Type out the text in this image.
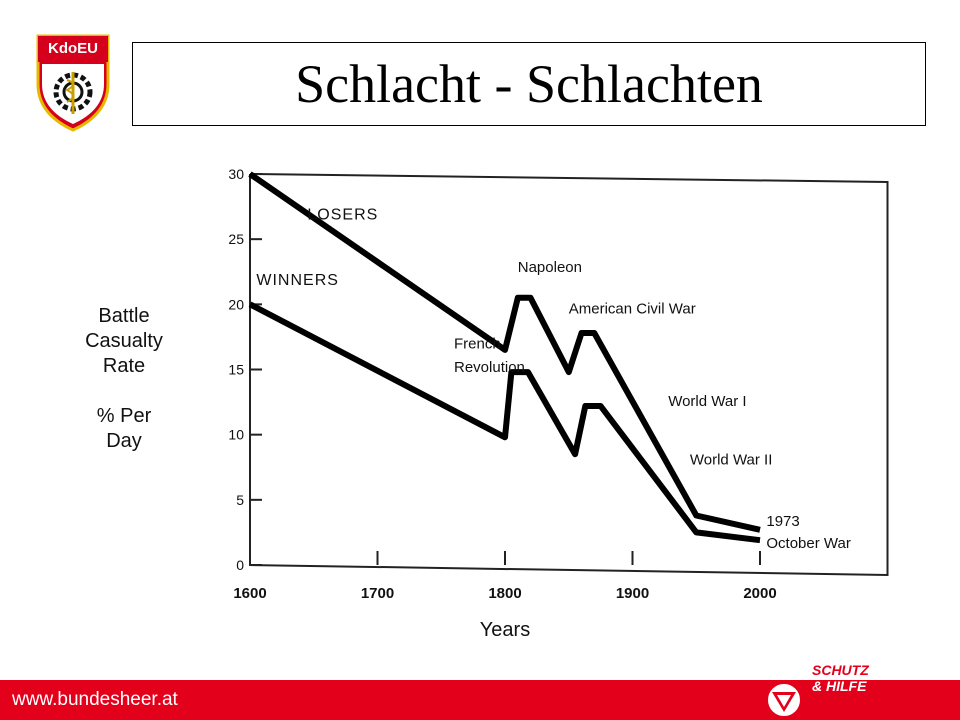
KdoEU
Schlacht - Schlachten
0
5
10
15
20
25
30
1600	1700	1800	1900	2000
Years
Battle
Casualty
Rate
% Per
Day
LOSERS
WINNERS
Napoleon
French
Revolution
American Civil War
World War I
World War II
1973
October War
www.bundesheer.at
SCHUTZ
& HILFE
